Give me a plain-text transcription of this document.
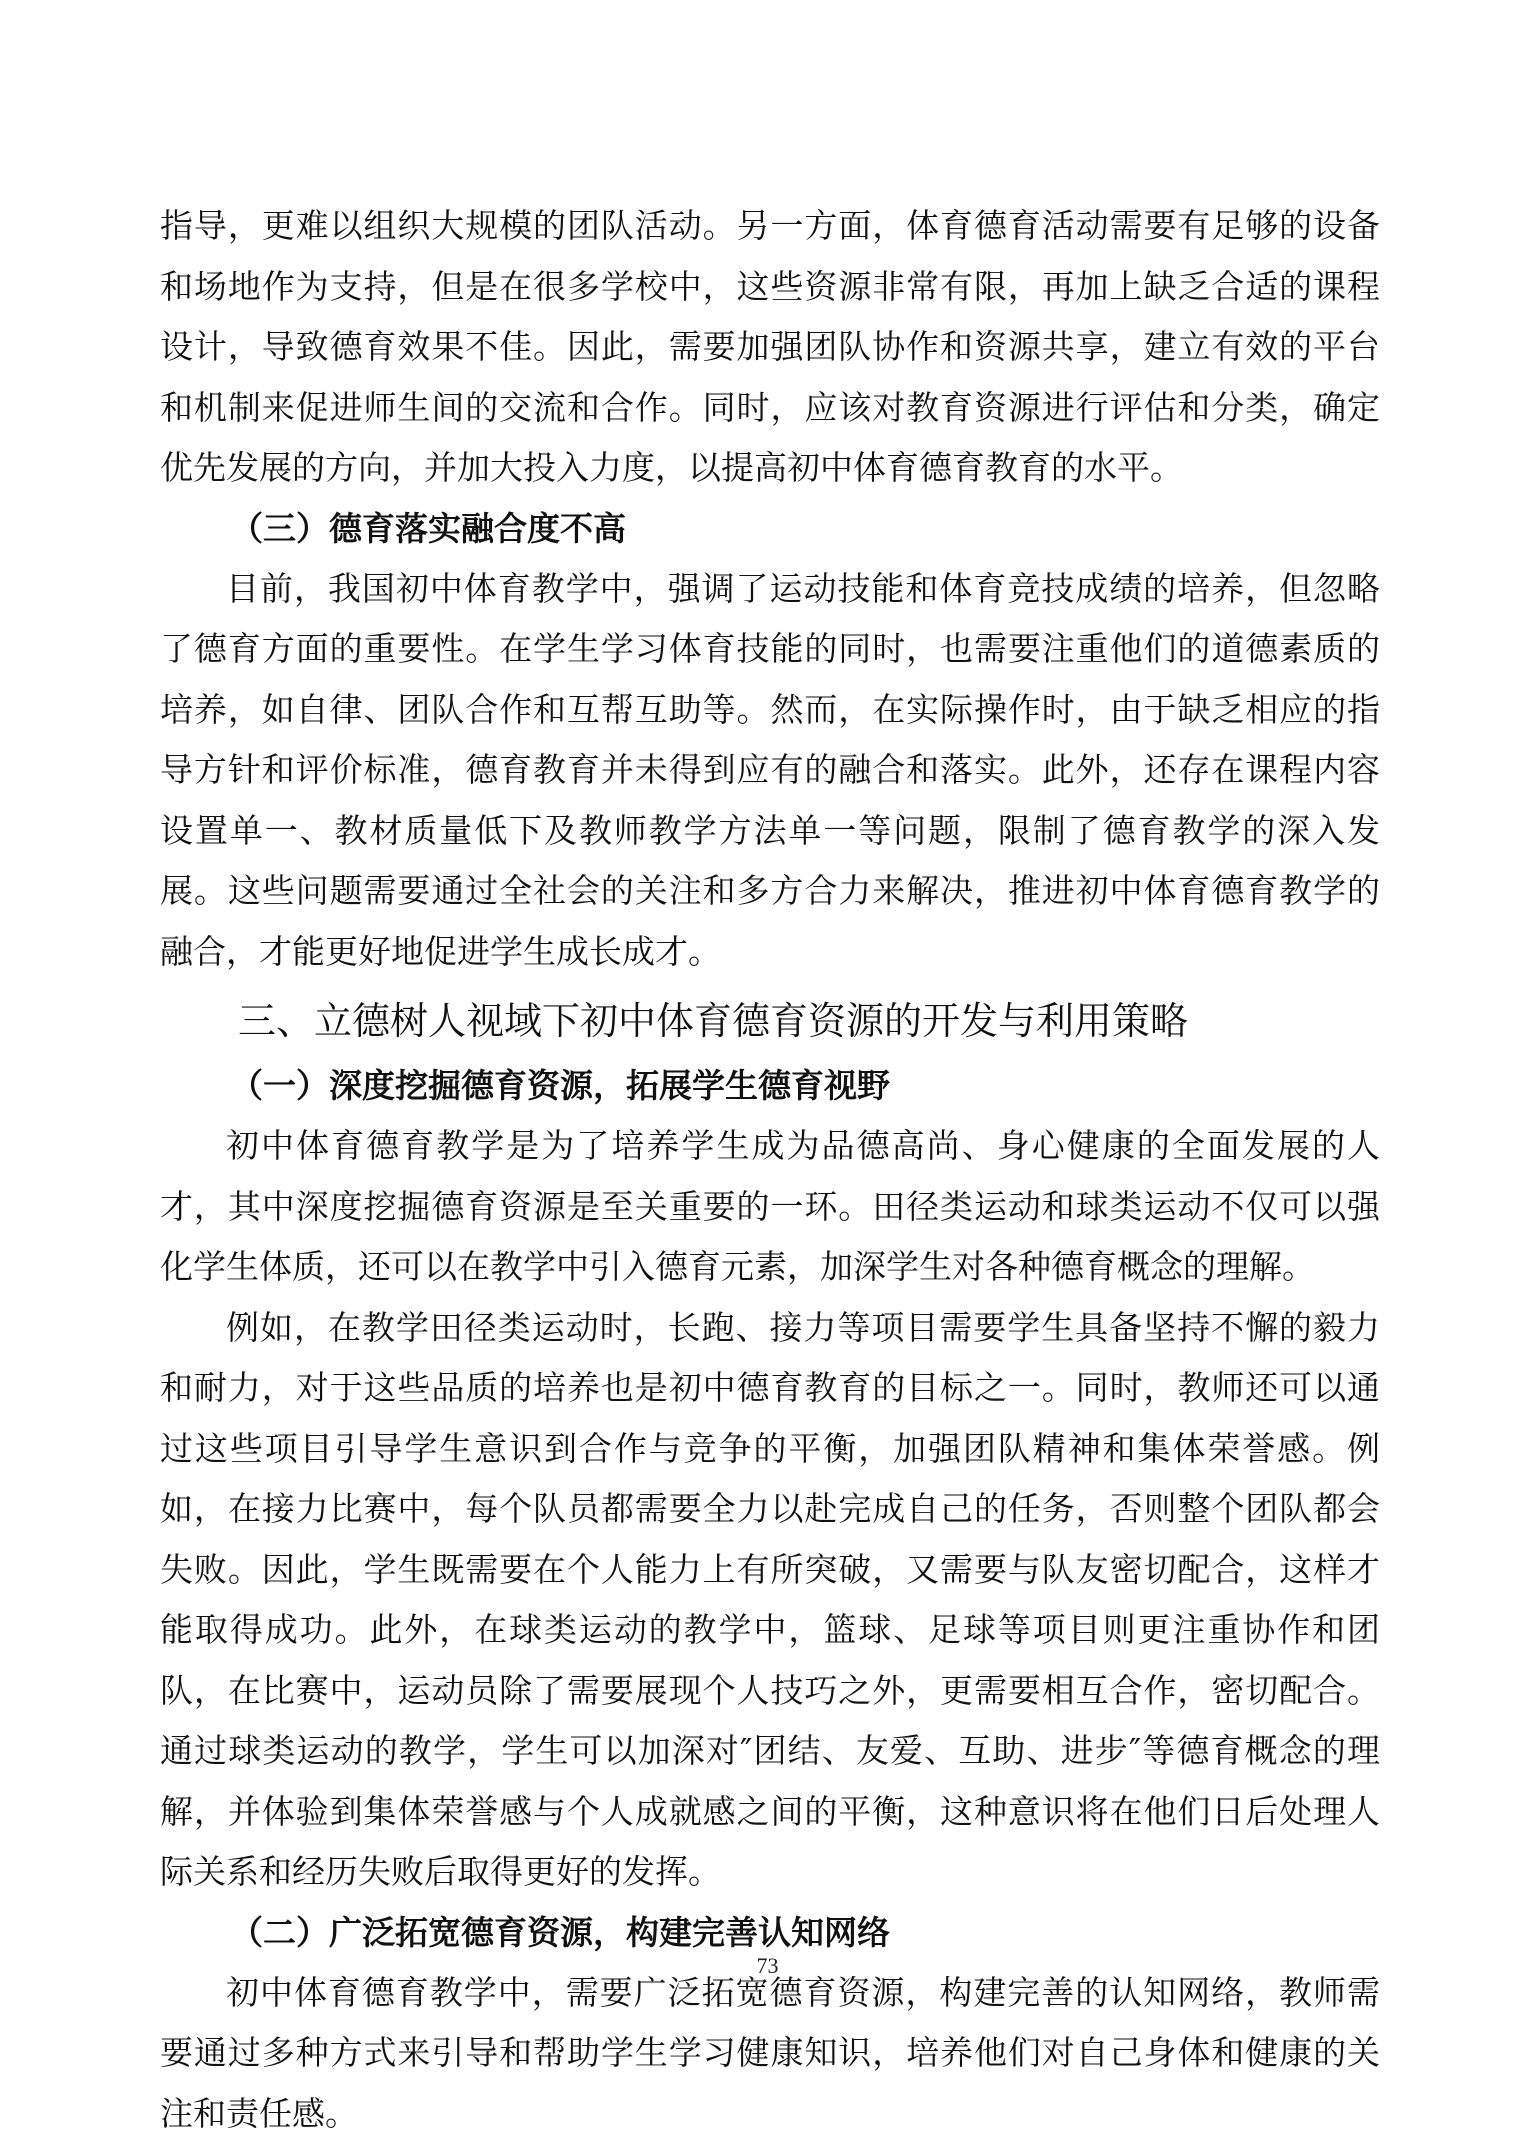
指导，更难以组织大规模的团队活动。另一方面，体育德育活动需要有足够的设备和场地作为支持，但是在很多学校中，这些资源非常有限，再加上缺乏合适的课程设计，导致德育效果不佳。因此，需要加强团队协作和资源共享，建立有效的平台和机制来促进师生间的交流和合作。同时，应该对教育资源进行评估和分类，确定优先发展的方向，并加大投入力度，以提高初中体育德育教育的水平。

（三）德育落实融合度不高

目前，我国初中体育教学中，强调了运动技能和体育竞技成绩的培养，但忽略了德育方面的重要性。在学生学习体育技能的同时，也需要注重他们的道德素质的培养，如自律、团队合作和互帮互助等。然而，在实际操作时，由于缺乏相应的指导方针和评价标准，德育教育并未得到应有的融合和落实。此外，还存在课程内容设置单一、教材质量低下及教师教学方法单一等问题，限制了德育教学的深入发展。这些问题需要通过全社会的关注和多方合力来解决，推进初中体育德育教学的融合，才能更好地促进学生成长成才。

三、立德树人视域下初中体育德育资源的开发与利用策略
（一）深度挖掘德育资源，拓展学生德育视野

初中体育德育教学是为了培养学生成为品德高尚、身心健康的全面发展的人才，其中深度挖掘德育资源是至关重要的一环。田径类运动和球类运动不仅可以强化学生体质，还可以在教学中引入德育元素，加深学生对各种德育概念的理解。

例如，在教学田径类运动时，长跑、接力等项目需要学生具备坚持不懈的毅力和耐力，对于这些品质的培养也是初中德育教育的目标之一。同时，教师还可以通过这些项目引导学生意识到合作与竞争的平衡，加强团队精神和集体荣誉感。例如，在接力比赛中，每个队员都需要全力以赴完成自己的任务，否则整个团队都会失败。因此，学生既需要在个人能力上有所突破，又需要与队友密切配合，这样才能取得成功。此外，在球类运动的教学中，篮球、足球等项目则更注重协作和团队，在比赛中，运动员除了需要展现个人技巧之外，更需要相互合作，密切配合。通过球类运动的教学，学生可以加深对″团结、友爱、互助、进步″等德育概念的理解，并体验到集体荣誉感与个人成就感之间的平衡，这种意识将在他们日后处理人际关系和经历失败后取得更好的发挥。

（二）广泛拓宽德育资源，构建完善认知网络

初中体育德育教学中，需要广泛拓宽德育资源，构建完善的认知网络，教师需要通过多种方式来引导和帮助学生学习健康知识，培养他们对自己身体和健康的关注和责任感。

73
